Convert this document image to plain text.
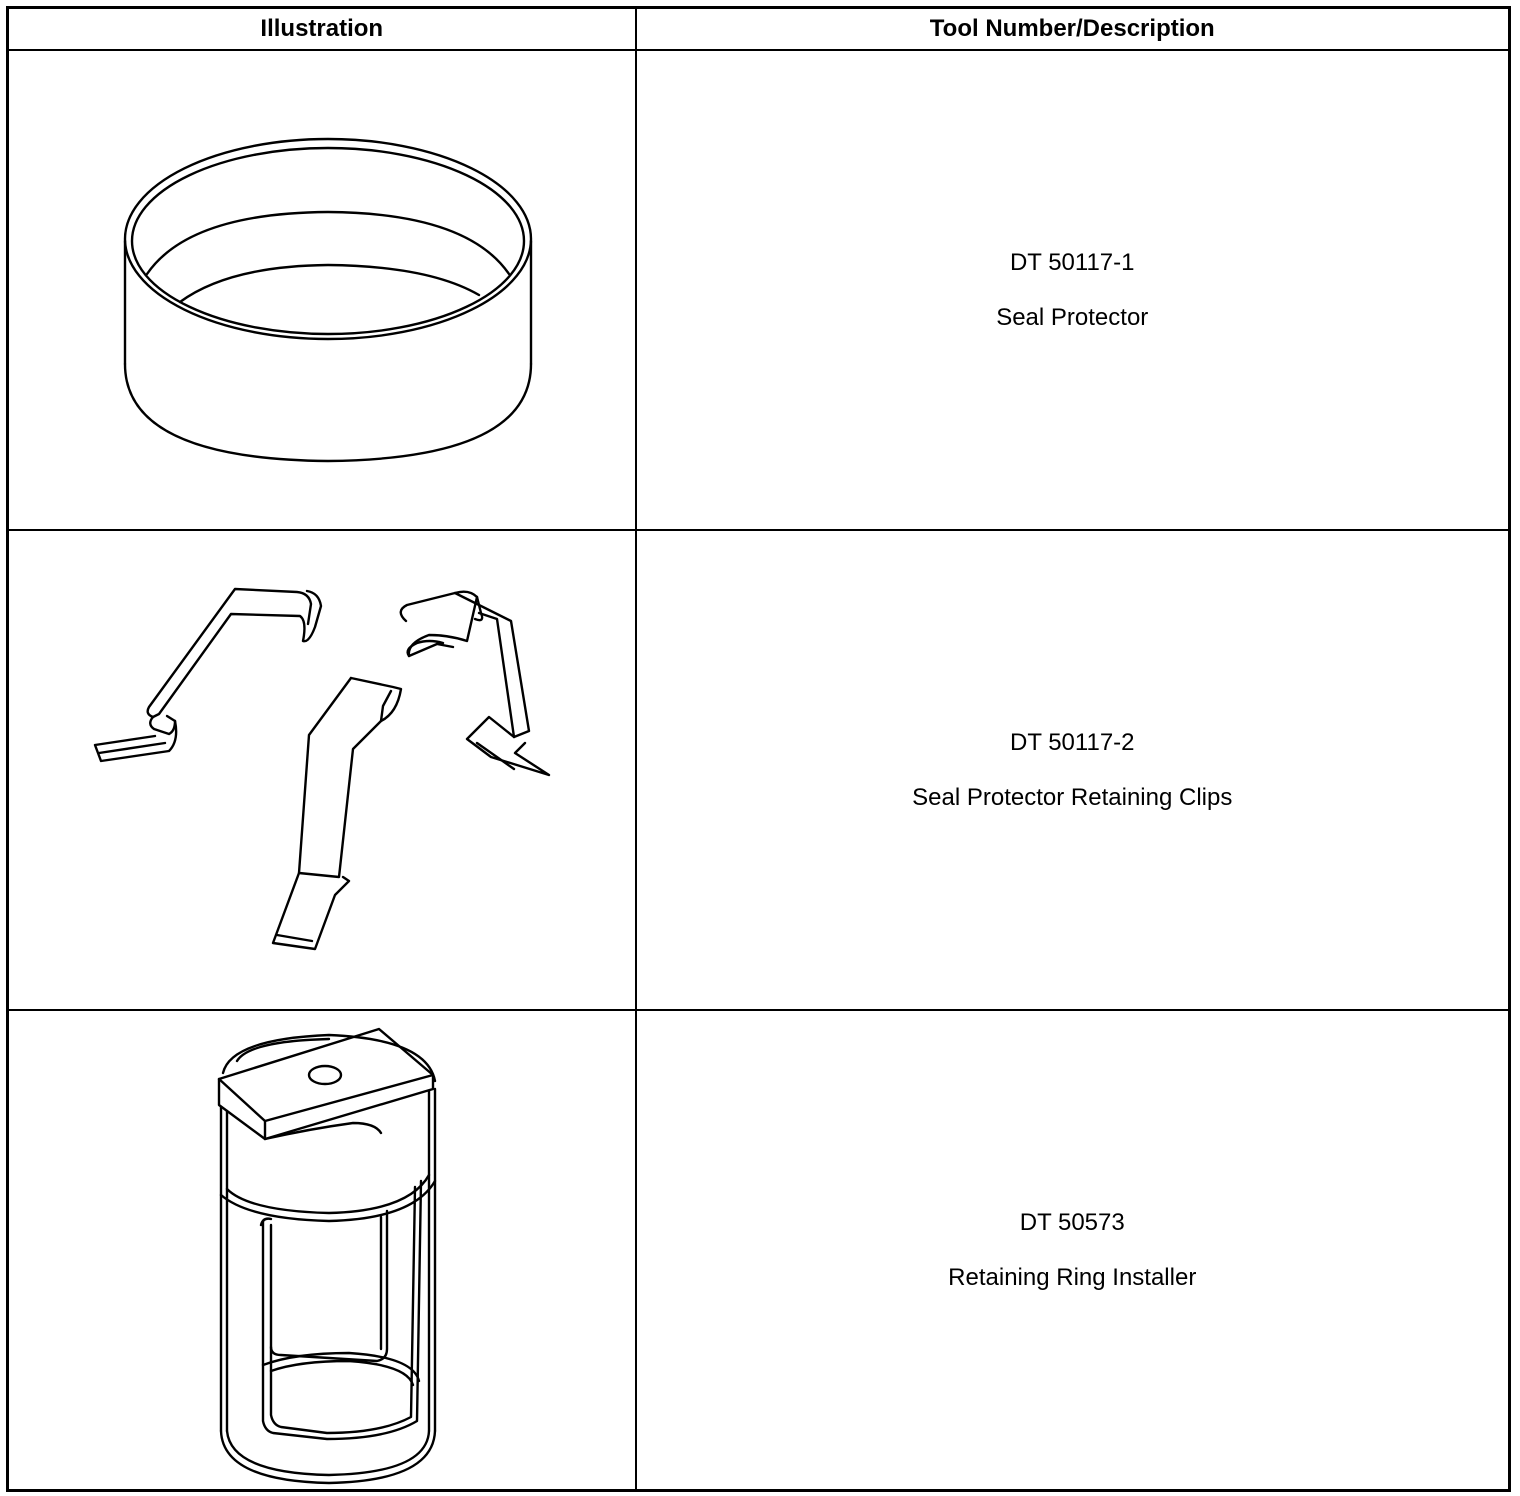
Illustration	Tool Number/Description

DT 50117-1
Seal Protector

DT 50117-2
Seal Protector Retaining Clips

DT 50573
Retaining Ring Installer
